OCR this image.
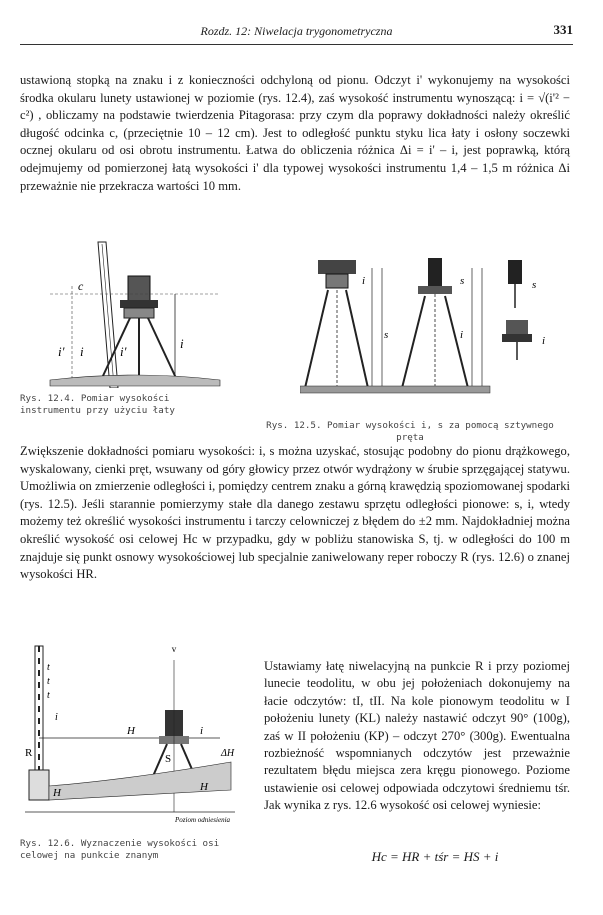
Rozdz. 12: Niwelacja trygonometryczna	331

ustawioną stopką na znaku i z konieczności odchyloną od pionu. Odczyt i' wykonujemy na wysokości środka okularu lunety ustawionej w poziomie (rys. 12.4), zaś wysokość instrumentu wynoszącą: i = √(i'² − c²) , obliczamy na podstawie twierdzenia Pitagorasa: przy czym dla poprawy dokładności należy określić długość odcinka c, (przeciętnie 10 – 12 cm). Jest to odległość punktu styku lica łaty i osłony soczewki ocznej okularu od osi obrotu instrumentu. Łatwa do obliczenia różnica Δi = i' – i, jest poprawką, którą odejmujemy od pomierzonej łatą wysokości i' dla typowej wysokości instrumentu 1,4 – 1,5 m różnica Δi przeważnie nie przekracza wartości 10 mm.

c
i' i	i'
i
Rys. 12.4. Pomiar wysokości instrumentu przy użyciu łaty
i
s
s
i
s
i
Rys. 12.5. Pomiar wysokości i, s za pomocą sztywnego pręta

Zwiększenie dokładności pomiaru wysokości: i, s można uzyskać, stosując podobny do pionu drążkowego, wyskalowany, cienki pręt, wsuwany od góry głowicy przez otwór wydrążony w śrubie sprzęgającej statywu. Umożliwia on zmierzenie odległości i, pomiędzy centrem znaku a górną krawędzią spoziomowanej spodarki (rys. 12.5). Jeśli starannie pomierzymy stałe dla danego zestawu sprzętu odległości pionowe: s, i, wtedy możemy też określić wysokości instrumentu i tarczy celowniczej z błędem do ±2 mm. Najdokładniej można określić wysokość osi celowej Hc w przypadku, gdy w pobliżu stanowiska S, tj. w odległości do 100 m znajduje się punkt osnowy wysokościowej lub specjalnie zaniwelowany reper roboczy R (rys. 12.6) o znanej wysokości HR.

v
t
t
t
i
R
H
S	ΔH
H	H
i
Poziom odniesienia
Rys. 12.6. Wyznaczenie wysokości osi celowej na punkcie znanym

Ustawiamy łatę niwelacyjną na punkcie R i przy poziomej lunecie teodolitu, w obu jej położeniach dokonujemy na łacie odczytów: tI, tII. Na kole pionowym teodolitu w I położeniu lunety (KL) należy nastawić odczyt 90° (100g), zaś w II położeniu (KP) – odczyt 270° (300g). Ewentualna rozbieżność wspomnianych odczytów jest przeważnie rezultatem błędu miejsca zera kręgu pionowego. Poziome ustawienie osi celowej odpowiada odczytowi średniemu tśr. Jak wynika z rys. 12.6 wysokość osi celowej wyniesie:

Hc = HR + tśr = HS + i
